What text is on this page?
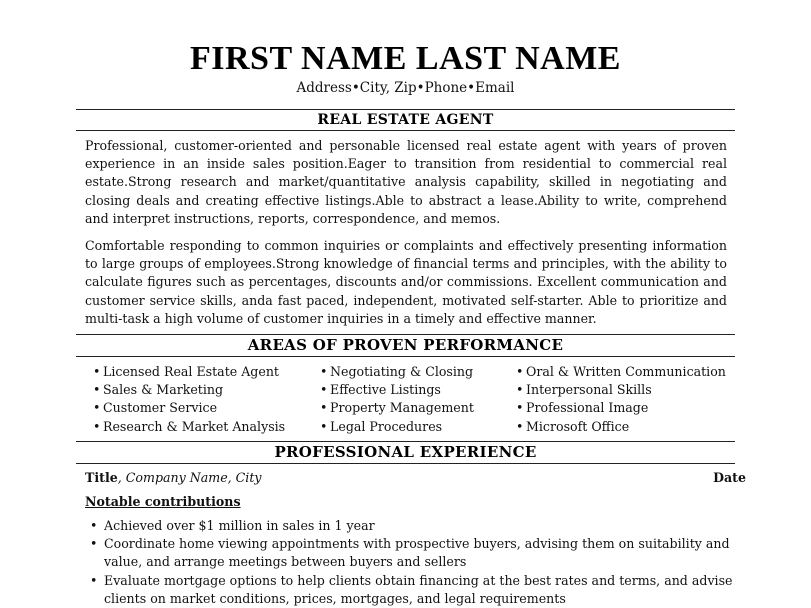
FIRST NAME LAST NAME
Address•City, Zip•Phone•Email
REAL ESTATE AGENT

Professional, customer-oriented and personable licensed real estate agent with years of proven experience in an inside sales position.Eager to transition from residential to commercial real estate.Strong research and market/quantitative analysis capability, skilled in negotiating and closing deals and creating effective listings.Able to abstract a lease.Ability to write, comprehend and interpret instructions, reports, correspondence, and memos.

Comfortable responding to common inquiries or complaints and effectively presenting information to large groups of employees.Strong knowledge of financial terms and principles, with the ability to calculate figures such as percentages, discounts and/or commissions. Excellent communication and customer service skills, anda fast paced, independent, motivated self-starter. Able to prioritize and multi-task a high volume of customer inquiries in a timely and effective manner.

AREAS OF PROVEN PERFORMANCE
• Licensed Real Estate Agent
• Sales & Marketing
• Customer Service
• Research & Market Analysis
• Negotiating & Closing
• Effective Listings
• Property Management
• Legal Procedures
• Oral & Written Communication
• Interpersonal Skills
• Professional Image
• Microsoft Office
PROFESSIONAL EXPERIENCE
Title, Company Name, City	Date
Notable contributions
• Achieved over $1 million in sales in 1 year
• Coordinate home viewing appointments with prospective buyers, advising them on suitability and value, and arrange meetings between buyers and sellers
• Evaluate mortgage options to help clients obtain financing at the best rates and terms, and advise clients on market conditions, prices, mortgages, and legal requirements
